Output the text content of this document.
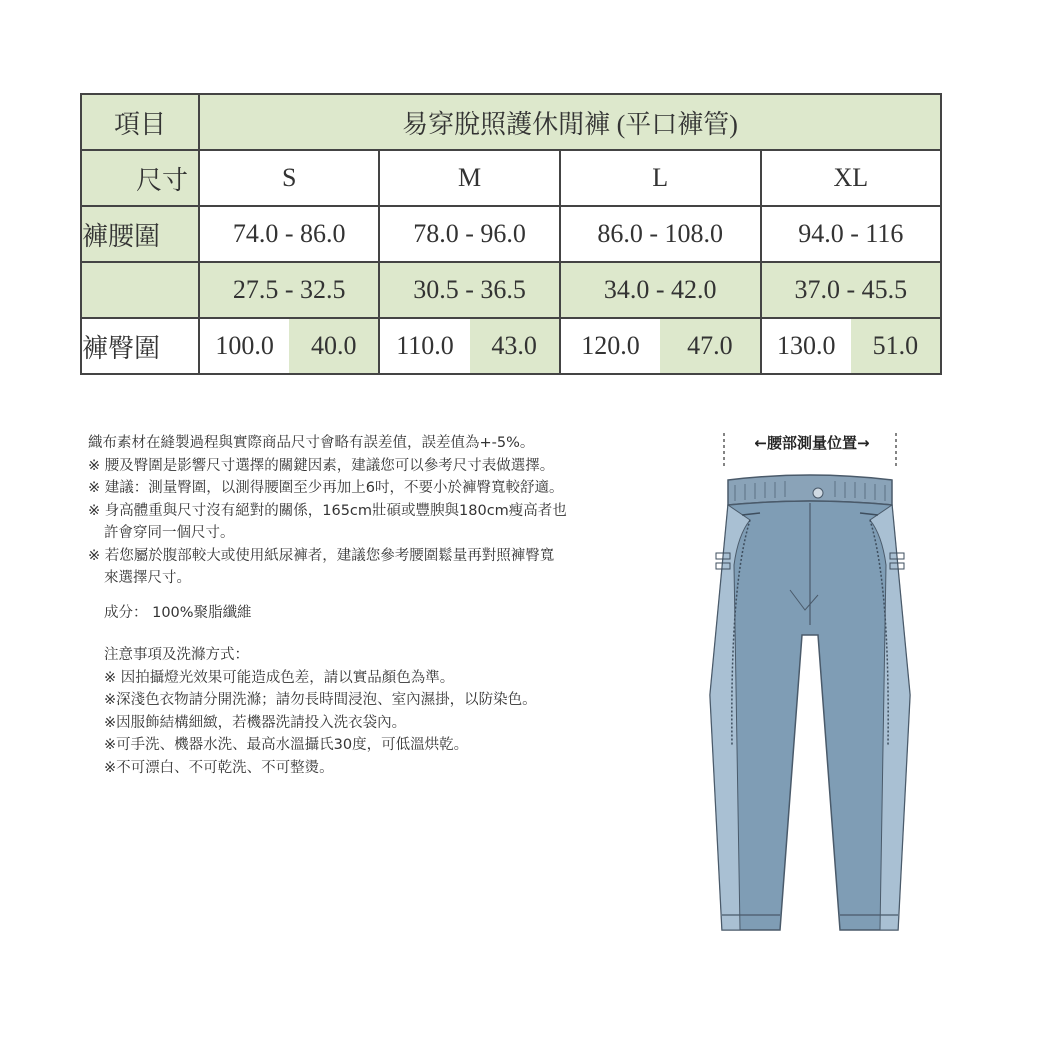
項目	易穿脫照護休閒褲 (平口褲管)			
尺寸	S	M	L	XL
褲腰圍	74.0 - 86.0	78.0 - 96.0	86.0 - 108.0	94.0 - 116
	27.5 - 32.5	30.5 - 36.5	34.0 - 42.0	37.0 - 45.5
褲臀圍	100.0 40.0	110.0 43.0	120.0 47.0	130.0 51.0

織布素材在縫製過程與實際商品尺寸會略有誤差值，誤差值為+-5%。

※ 腰及臀圍是影響尺寸選擇的關鍵因素，建議您可以參考尺寸表做選擇。

※ 建議：測量臀圍，以測得腰圍至少再加上6吋，不要小於褲臀寬較舒適。

※ 身高體重與尺寸沒有絕對的關係，165cm壯碩或豐腴與180cm瘦高者也

許會穿同一個尺寸。

※ 若您屬於腹部較大或使用紙尿褲者，建議您參考腰圍鬆量再對照褲臀寬

來選擇尺寸。

成分： 100%聚脂纖維

注意事項及洗滌方式：

※ 因拍攝燈光效果可能造成色差，請以實品顏色為準。

※深淺色衣物請分開洗滌；請勿長時間浸泡、室內濕掛，以防染色。

※因服飾結構細緻，若機器洗請投入洗衣袋內。

※可手洗、機器水洗、最高水溫攝氏30度，可低溫烘乾。

※不可漂白、不可乾洗、不可整燙。

←腰部測量位置→
